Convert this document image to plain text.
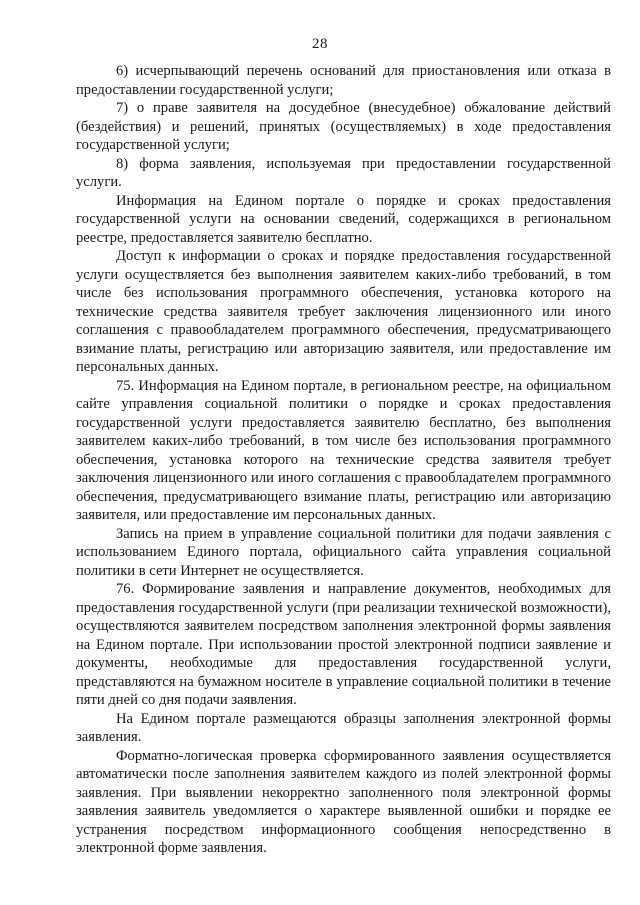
28

6) исчерпывающий перечень оснований для приостановления или отказа в предоставлении государственной услуги;

7) о праве заявителя на досудебное (внесудебное) обжалование действий (бездействия) и решений, принятых (осуществляемых) в ходе предоставления государственной услуги;

8) форма заявления, используемая при предоставлении государственной услуги.

Информация на Едином портале о порядке и сроках предоставления государственной услуги на основании сведений, содержащихся в региональном реестре, предоставляется заявителю бесплатно.

Доступ к информации о сроках и порядке предоставления государственной услуги осуществляется без выполнения заявителем каких-либо требований, в том числе без использования программного обеспечения, установка которого на технические средства заявителя требует заключения лицензионного или иного соглашения с правообладателем программного обеспечения, предусматривающего взимание платы, регистрацию или авторизацию заявителя, или предоставление им персональных данных.

75. Информация на Едином портале, в региональном реестре, на официальном сайте управления социальной политики о порядке и сроках предоставления государственной услуги предоставляется заявителю бесплатно, без выполнения заявителем каких-либо требований, в том числе без использования программного обеспечения, установка которого на технические средства заявителя требует заключения лицензионного или иного соглашения с правообладателем программного обеспечения, предусматривающего взимание платы, регистрацию или авторизацию заявителя, или предоставление им персональных данных.

Запись на прием в управление социальной политики для подачи заявления с использованием Единого портала, официального сайта управления социальной политики в сети Интернет не осуществляется.

76. Формирование заявления и направление документов, необходимых для предоставления государственной услуги (при реализации технической возможности), осуществляются заявителем посредством заполнения электронной формы заявления на Едином портале. При использовании простой электронной подписи заявление и документы, необходимые для предоставления государственной услуги, представляются на бумажном носителе в управление социальной политики в течение пяти дней со дня подачи заявления.

На Едином портале размещаются образцы заполнения электронной формы заявления.

Форматно-логическая проверка сформированного заявления осуществляется автоматически после заполнения заявителем каждого из полей электронной формы заявления. При выявлении некорректно заполненного поля электронной формы заявления заявитель уведомляется о характере выявленной ошибки и порядке ее устранения посредством информационного сообщения непосредственно в электронной форме заявления.
